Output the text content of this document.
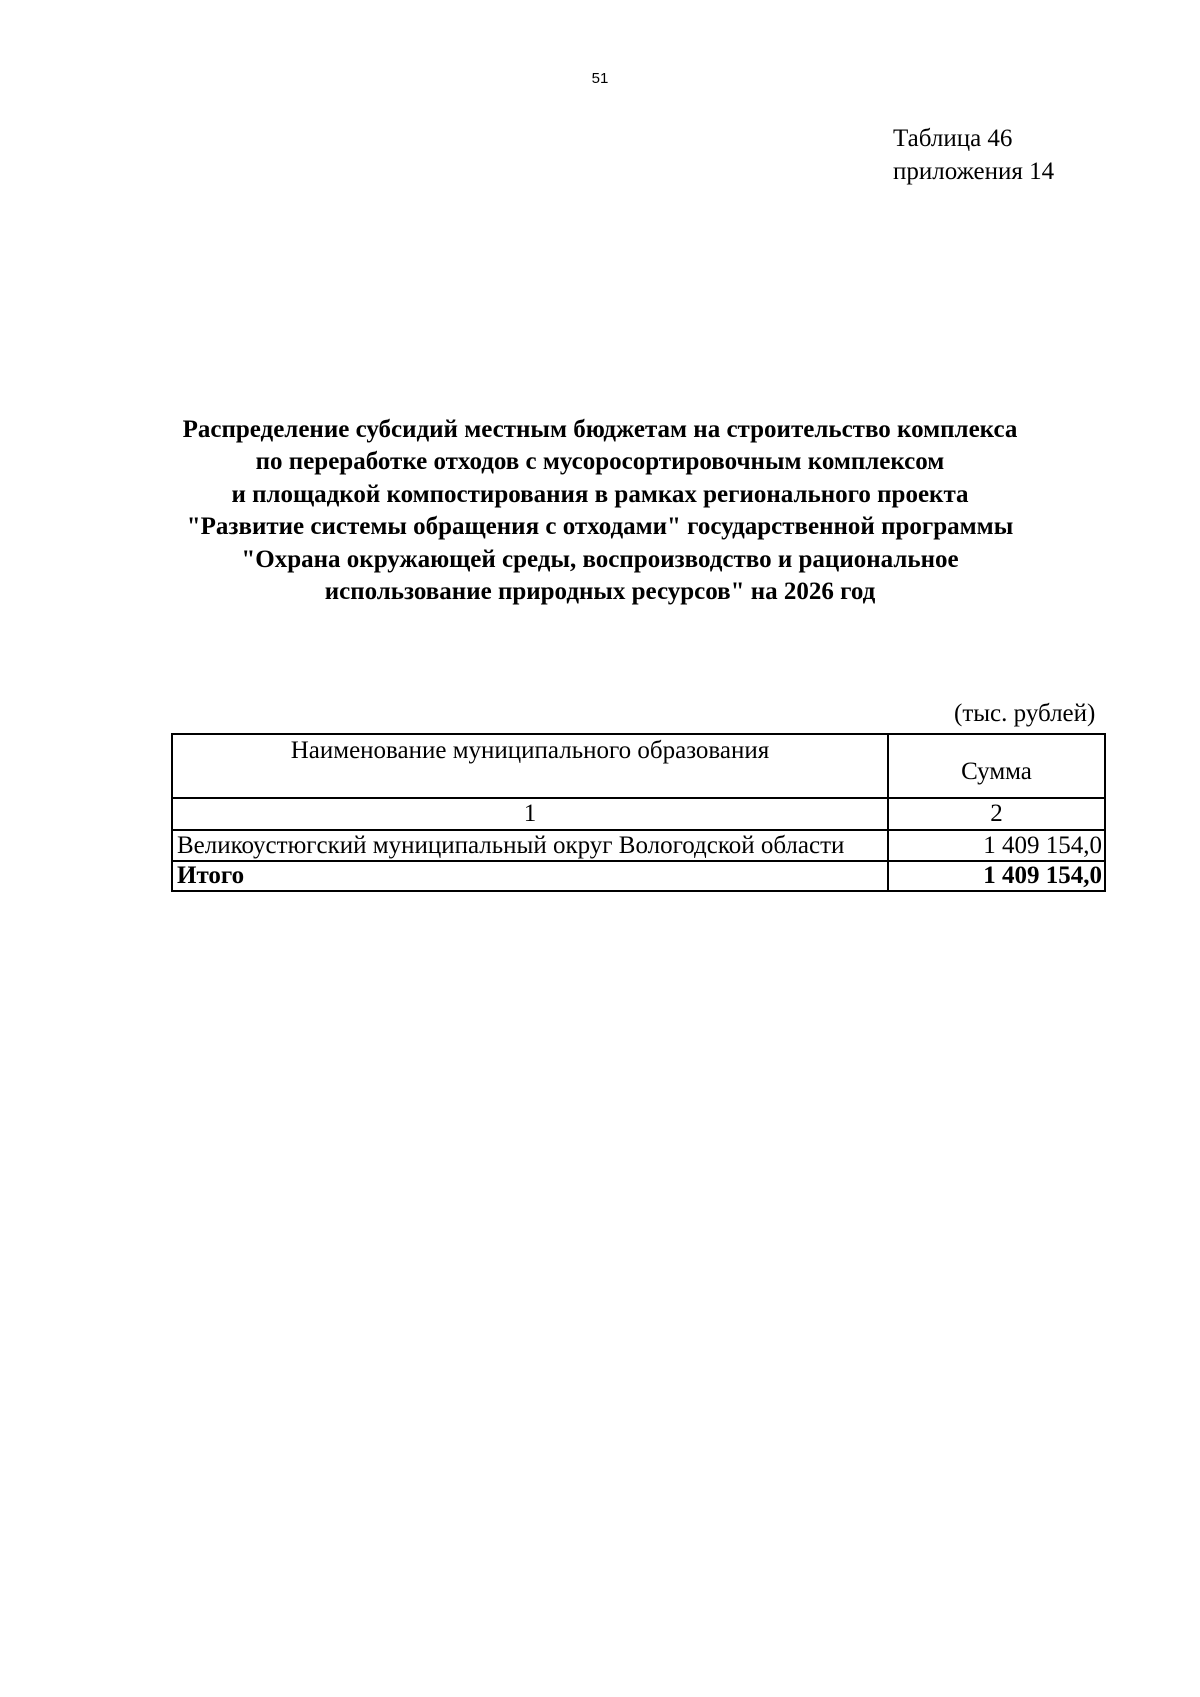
51
Таблица 46
приложения 14
Распределение субсидий местным бюджетам на строительство комплекса
по переработке отходов с мусоросортировочным комплексом
и площадкой компостирования в рамках регионального проекта
"Развитие системы обращения с отходами" государственной программы
"Охрана окружающей среды, воспроизводство и рациональное
использование природных ресурсов" на 2026 год
(тыс. рублей)
Наименование муниципального образования	Сумма
1	2
Великоустюгский муниципальный округ Вологодской области	1 409 154,0
Итого	1 409 154,0
